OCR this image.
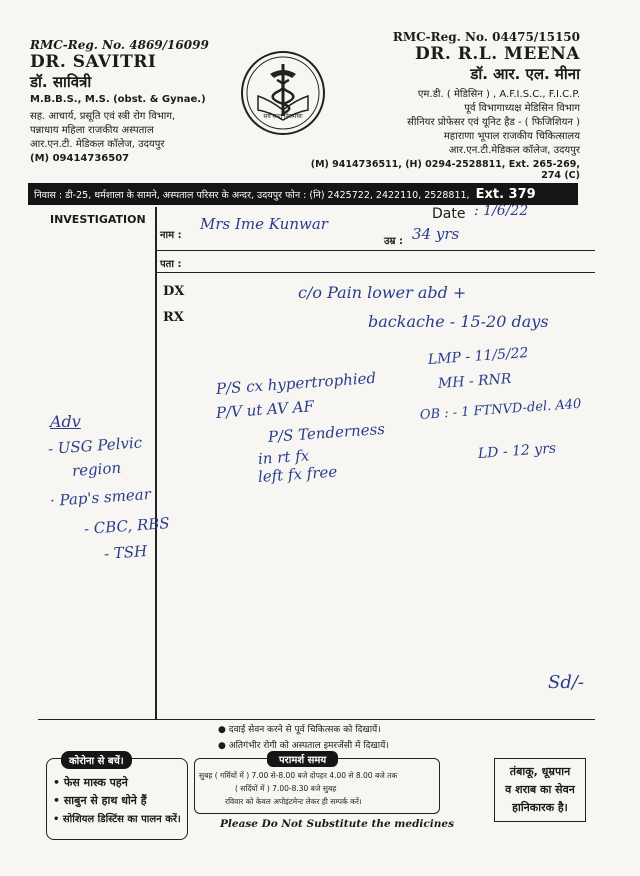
RMC-Reg. No. 4869/16099
DR. SAVITRI
डॉ. सावित्री
M.B.B.S., M.S. (obst. & Gynae.)
सह. आचार्य, प्रसूति एवं स्त्री रोग विभाग,
पन्नाधाय महिला राजकीय अस्पताल
आर.एन.टी. मेडिकल कॉलेज, उदयपुर
(M) 09414736507
सर्वे सन्तु निरामयाः
RMC-Reg. No. 04475/15150
DR. R.L. MEENA
डॉ. आर. एल. मीना
एम.डी. ( मेडिसिन ) , A.F.I.S.C., F.I.C.P.
पूर्व विभागाध्यक्ष मेडिसिन विभाग
सीनियर प्रोफेसर एवं यूनिट हैड - ( फिजिशियन )
महाराणा भूपाल राजकीय चिकित्सालय
आर.एन.टी.मेडिकल कॉलेज, उदयपुर
(M) 9414736511, (H) 0294-2528811, Ext. 265-269, 274 (C)
निवास : डी-25, धर्मशाला के सामने, अस्पताल परिसर के अन्दर, उदयपुर फोन : (नि) 2425722, 2422110, 2528811, Ext. 379
INVESTIGATION
नाम :
उम्र :
पता :
Date
DX
RX
Mrs Ime Kunwar
34 yrs
: 1/6/22
c/o Pain lower abd +
backache - 15-20 days
LMP - 11/5/22
P/S cx hypertrophied
P/V ut AV AF
P/S Tenderness
in rt fx
left fx free
MH - RNR
OB : - 1 FTNVD-del. A40
LD - 12 yrs
Adv
- USG Pelvic
region
· Pap's smear
- CBC, RBS
- TSH
Sd/-
● दवाई सेवन करने से पूर्व चिकित्सक को दिखायें।
● अतिगंभीर रोगी को अस्पताल इमरजेंसी में दिखायें।
कोरोना से बचें।
• फेस मास्क पहने
• साबुन से हाथ धोने हैं
• सोशियल डिस्टिंस का पालन करें।
परामर्श समय
सुबह ( गर्मियों में ) 7.00 से-8.00 बजे दोपहर 4.00 से 8.00 बजे तक
( सर्दियों में ) 7.00-8.30 बजे सुबह
रविवार को केवल अपोइंटमेन्ट लेकर ही सम्पर्क करें।
तंबाकू, धूम्रपान
व शराब का सेवन
हानिकारक है।
Please Do Not Substitute the medicines
